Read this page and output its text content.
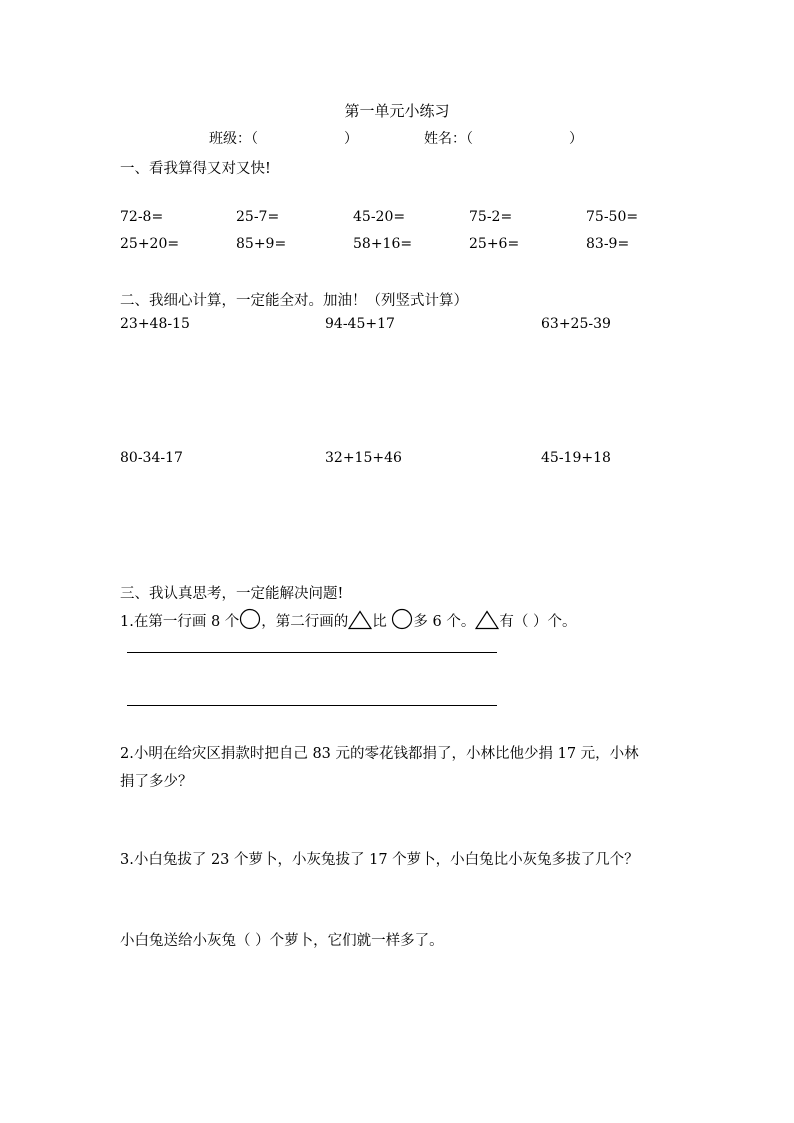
第一单元小练习
班级：（	）	姓名：（	）
一、看我算得又对又快!
72-8=	25-7=	45-20=	75-2=	75-50=
25+20=	85+9=	58+16=	25+6=	83-9=
二、我细心计算，一定能全对。加油！（列竖式计算）
23+48-15	94-45+17	63+25-39
80-34-17	32+15+46	45-19+18
三、我认真思考，一定能解决问题!
1.在第一行画 8 个 ，第二行画的 比 多 6 个。 有（ ）个。
2.小明在给灾区捐款时把自己 83 元的零花钱都捐了，小林比他少捐 17 元，小林
捐了多少？
3.小白兔拔了 23 个萝卜，小灰兔拔了 17 个萝卜，小白兔比小灰兔多拔了几个？
小白兔送给小灰兔（ ）个萝卜，它们就一样多了。
